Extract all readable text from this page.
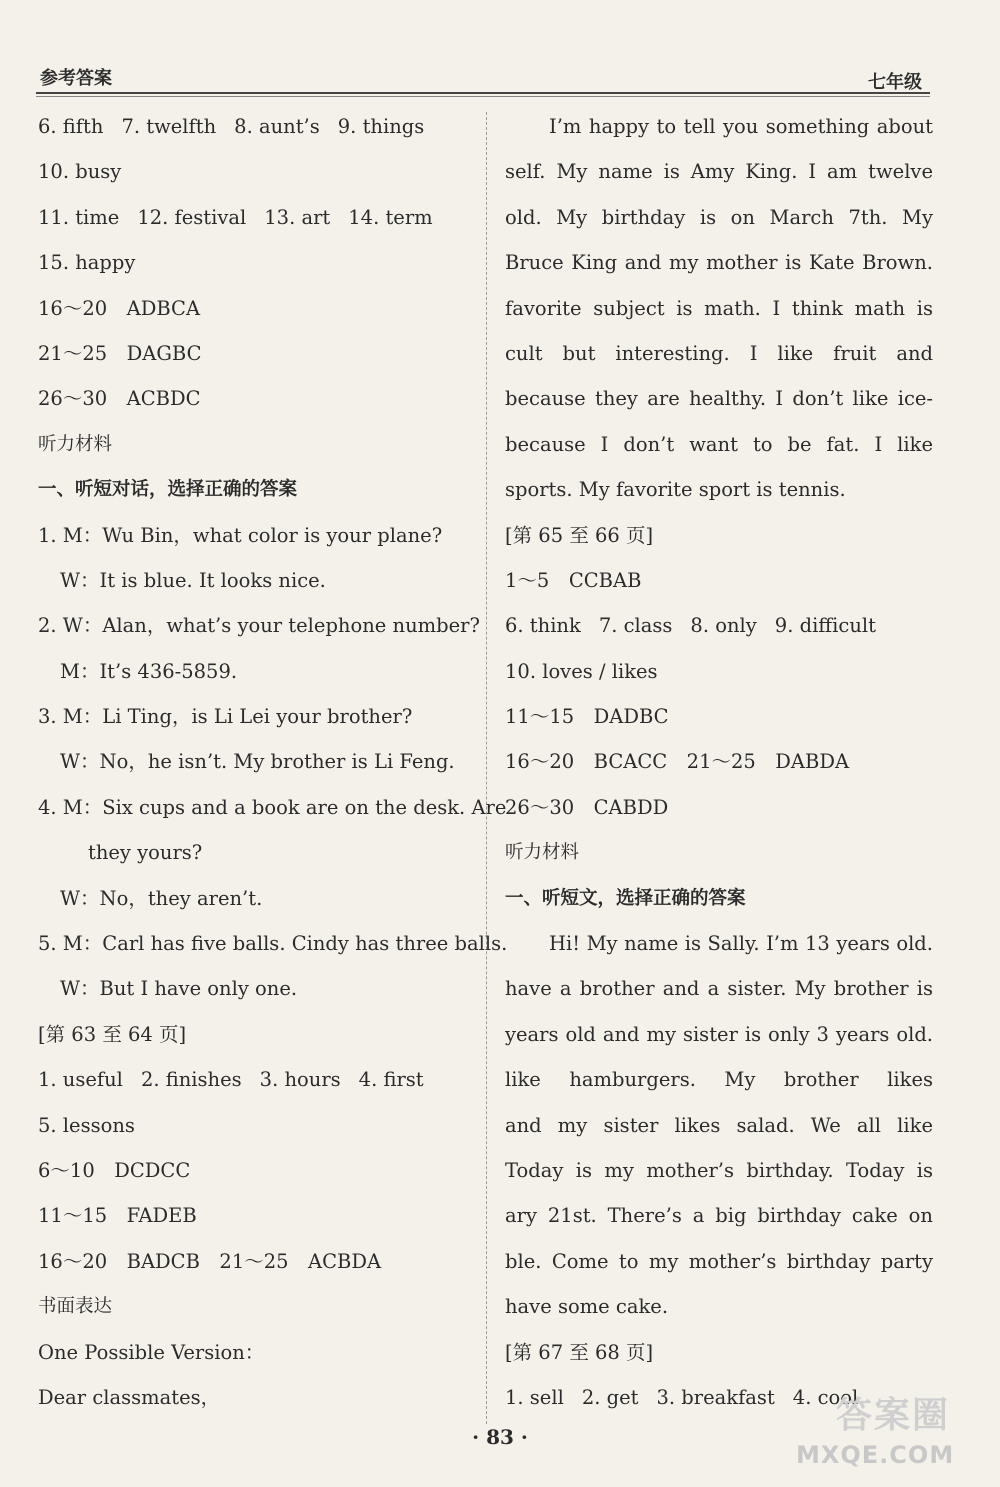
参考答案	七年级
6. fifth 7. twelfth 8. aunt’s 9. things
10. busy
11. time 12. festival 13. art 14. term
15. happy
16～20　ADBCA
21～25　DAGBC
26～30　ACBDC
听力材料
一、听短对话，选择正确的答案
1. M：Wu Bin，what color is your plane?
W：It is blue. It looks nice.
2. W：Alan，what’s your telephone number?
M：It’s 436-5859.
3. M：Li Ting，is Li Lei your brother?
W：No，he isn’t. My brother is Li Feng.
4. M：Six cups and a book are on the desk. Are
they yours?
W：No，they aren’t.
5. M：Carl has five balls. Cindy has three balls.
W：But I have only one.
[第 63 至 64 页]
1. useful 2. finishes 3. hours 4. first
5. lessons
6～10　DCDCC
11～15　FADEB
16～20　BADCB　21～25　ACBDA
书面表达
One Possible Version：
Dear classmates，
I’m happy to tell you something about
self. My name is Amy King. I am twelve
old. My birthday is on March 7th. My
Bruce King and my mother is Kate Brown.
favorite subject is math. I think math is
cult but interesting. I like fruit and
because they are healthy. I don’t like ice-
because I don’t want to be fat. I like
sports. My favorite sport is tennis.
[第 65 至 66 页]
1～5　CCBAB
6. think 7. class 8. only 9. difficult
10. loves / likes
11～15　DADBC
16～20　BCACC　21～25　DABDA
26～30　CABDD
听力材料
一、听短文，选择正确的答案
Hi! My name is Sally. I’m 13 years old.
have a brother and a sister. My brother is
years old and my sister is only 3 years old.
like hamburgers. My brother likes
and my sister likes salad. We all like
Today is my mother’s birthday. Today is
ary 21st. There’s a big birthday cake on
ble. Come to my mother’s birthday party
have some cake.
[第 67 至 68 页]
1. sell 2. get 3. breakfast 4. cool
· 83 ·
答案圈
MXQE.COM
